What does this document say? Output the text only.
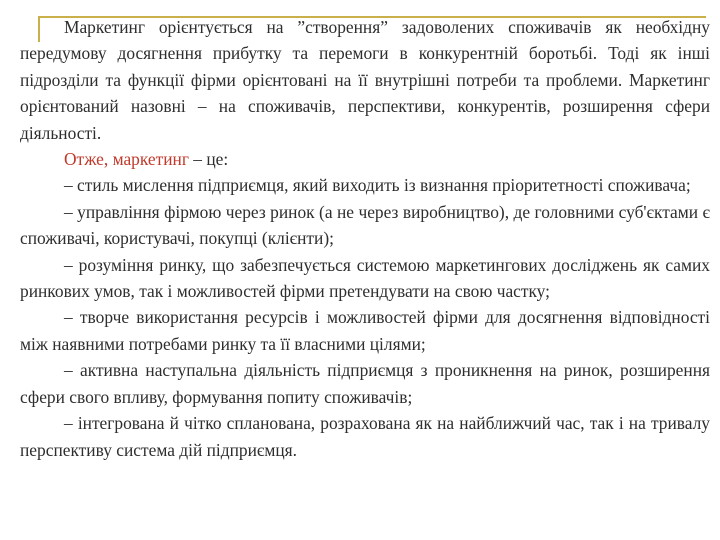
Маркетинг орієнтується на ”створення” задоволених споживачів як необхідну передумову досягнення прибутку та перемоги в конкурентній боротьбі. Тоді як інші підрозділи та функції фірми орієнтовані на її внутрішні потреби та проблеми. Маркетинг орієнтований назовні – на споживачів, перспективи, конкурентів, розширення сфери діяльності.

Отже, маркетинг – це:

– стиль мислення підприємця, який виходить із визнання пріоритетності споживача;

– управління фірмою через ринок (а не через виробництво), де головними суб'єктами є споживачі, користувачі, покупці (клієнти);

– розуміння ринку, що забезпечується системою маркетингових досліджень як самих ринкових умов, так і можливостей фірми претендувати на свою частку;

– творче використання ресурсів і можливостей фірми для досягнення відповідності між наявними потребами ринку та її власними цілями;

– активна наступальна діяльність підприємця з проникнення на ринок, розширення сфери свого впливу, формування попиту споживачів;

– інтегрована й чітко спланована, розрахована як на найближчий час, так і на тривалу перспективу система дій підприємця.
